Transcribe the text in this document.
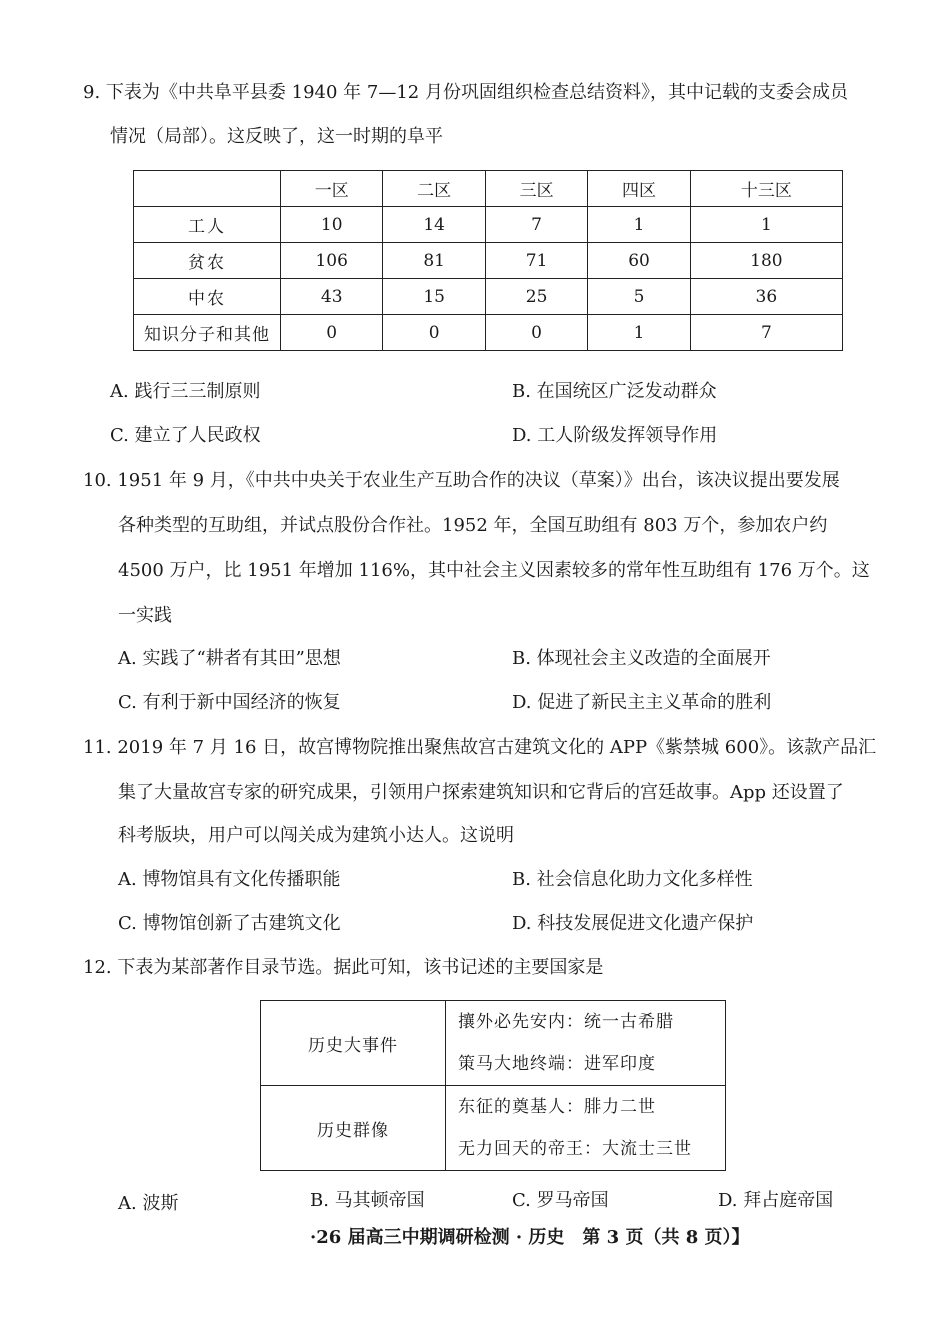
9. 下表为《中共阜平县委 1940 年 7—12 月份巩固组织检查总结资料》，其中记载的支委会成员
情况（局部）。这反映了，这一时期的阜平
	一区	二区	三区	四区	十三区
工人	10	14	7	1	1
贫农	106	81	71	60	180
中农	43	15	25	5	36
知识分子和其他	0	0	0	1	7
A. 践行三三制原则	B. 在国统区广泛发动群众
C. 建立了人民政权	D. 工人阶级发挥领导作用
10. 1951 年 9 月，《中共中央关于农业生产互助合作的决议（草案）》出台，该决议提出要发展
各种类型的互助组，并试点股份合作社。1952 年，全国互助组有 803 万个，参加农户约
4500 万户，比 1951 年增加 116%，其中社会主义因素较多的常年性互助组有 176 万个。这
一实践
A. 实践了“耕者有其田”思想	B. 体现社会主义改造的全面展开
C. 有利于新中国经济的恢复	D. 促进了新民主主义革命的胜利
11. 2019 年 7 月 16 日，故宫博物院推出聚焦故宫古建筑文化的 APP《紫禁城 600》。该款产品汇
集了大量故宫专家的研究成果，引领用户探索建筑知识和它背后的宫廷故事。App 还设置了
科考版块，用户可以闯关成为建筑小达人。这说明
A. 博物馆具有文化传播职能	B. 社会信息化助力文化多样性
C. 博物馆创新了古建筑文化	D. 科技发展促进文化遗产保护
12. 下表为某部著作目录节选。据此可知，该书记述的主要国家是
历史大事件	攘外必先安内：统一古希腊
策马大地终端：进军印度

历史群像	东征的奠基人：腓力二世
无力回天的帝王：大流士三世
A. 波斯	B. 马其顿帝国	C. 罗马帝国	D. 拜占庭帝国
·26 届高三中期调研检测 · 历史　第 3 页（共 8 页）】
